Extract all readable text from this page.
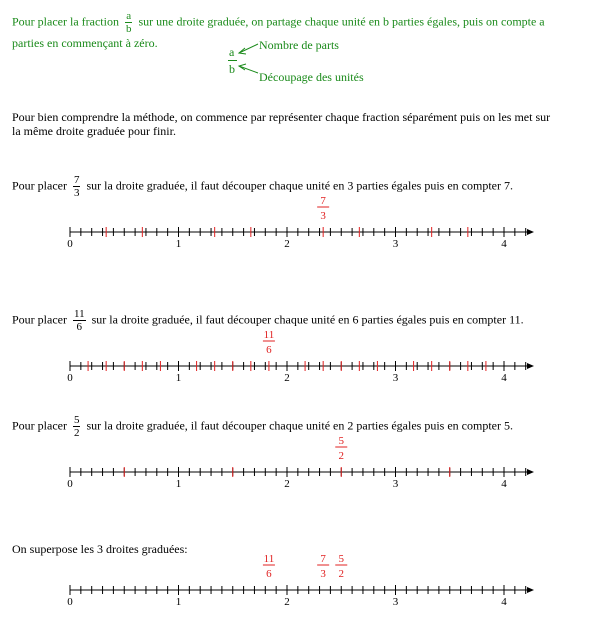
Pour placer la fraction $\frac{a}{b}$ sur une droite graduée, on partage chaque unité en b parties égales, puis on compte a
parties en commençant à zéro.
a
b
Nombre de parts
Découpage des unités
Pour bien comprendre la méthode, on commence par représenter chaque fraction séparément puis on les met sur
la même droite graduée pour finir.
Pour placer $\frac{7}{3}$ sur la droite graduée, il faut découper chaque unité en 3 parties égales puis en compter 7.
0	1	2	3	4
7
3
Pour placer $\frac{11}{6}$ sur la droite graduée, il faut découper chaque unité en 6 parties égales puis en compter 11.
0	1	2	3	4
11
6
Pour placer $\frac{5}{2}$ sur la droite graduée, il faut découper chaque unité en 2 parties égales puis en compter 5.
0	1	2	3	4
5
2
On superpose les 3 droites graduées:
0	1	2	3	4
11
6
7
3
5
2
